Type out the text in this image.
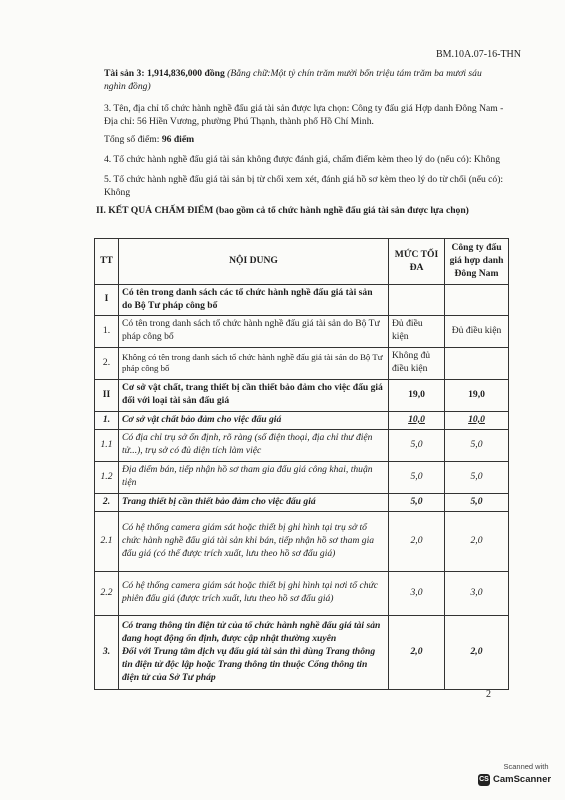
BM.10A.07-16-THN

Tài sản 3: 1,914,836,000 đồng (Bằng chữ:Một tỷ chín trăm mười bốn triệu tám trăm ba mươi sáu nghìn đồng)

3. Tên, địa chỉ tổ chức hành nghề đấu giá tài sản được lựa chọn: Công ty đấu giá Hợp danh Đông Nam - Địa chỉ: 56 Hiền Vương, phường Phú Thạnh, thành phố Hồ Chí Minh.

Tổng số điểm: 96 điểm

4. Tổ chức hành nghề đấu giá tài sản không được đánh giá, chấm điểm kèm theo lý do (nếu có): Không

5. Tổ chức hành nghề đấu giá tài sản bị từ chối xem xét, đánh giá hồ sơ kèm theo lý do từ chối (nếu có): Không

II. KẾT QUẢ CHẤM ĐIỂM (bao gồm cả tổ chức hành nghề đấu giá tài sản được lựa chọn)

TT	NỘI DUNG	MỨC TỐI ĐA	Công ty đấu giá hợp danh Đông Nam
I	Có tên trong danh sách các tổ chức hành nghề đấu giá tài sản do Bộ Tư pháp công bố		
1.	Có tên trong danh sách tổ chức hành nghề đấu giá tài sản do Bộ Tư pháp công bố	Đủ điều kiện	Đủ điều kiện
2.	Không có tên trong danh sách tổ chức hành nghề đấu giá tài sản do Bộ Tư pháp công bố	Không đủ điều kiện	
II	Cơ sở vật chất, trang thiết bị cần thiết bảo đảm cho việc đấu giá đối với loại tài sản đấu giá	19,0	19,0
1.	Cơ sở vật chất bảo đảm cho việc đấu giá	10,0	10,0
1.1	Có địa chỉ trụ sở ổn định, rõ ràng (số điện thoại, địa chỉ thư điện tử...), trụ sở có đủ diện tích làm việc	5,0	5,0
1.2	Địa điểm bán, tiếp nhận hồ sơ tham gia đấu giá công khai, thuận tiện	5,0	5,0
2.	Trang thiết bị cần thiết bảo đảm cho việc đấu giá	5,0	5,0
2.1	Có hệ thống camera giám sát hoặc thiết bị ghi hình tại trụ sở tổ chức hành nghề đấu giá tài sản khi bán, tiếp nhận hồ sơ tham gia đấu giá (có thể được trích xuất, lưu theo hồ sơ đấu giá)	2,0	2,0
2.2	Có hệ thống camera giám sát hoặc thiết bị ghi hình tại nơi tổ chức phiên đấu giá (được trích xuất, lưu theo hồ sơ đấu giá)	3,0	3,0
3.	Có trang thông tin điện tử của tổ chức hành nghề đấu giá tài sản đang hoạt động ổn định, được cập nhật thường xuyên
Đối với Trung tâm dịch vụ đấu giá tài sản thì dùng Trang thông tin điện tử độc lập hoặc Trang thông tin thuộc Cổng thông tin điện tử của Sở Tư pháp	2,0	2,0
2
Scanned with
CS CamScanner
